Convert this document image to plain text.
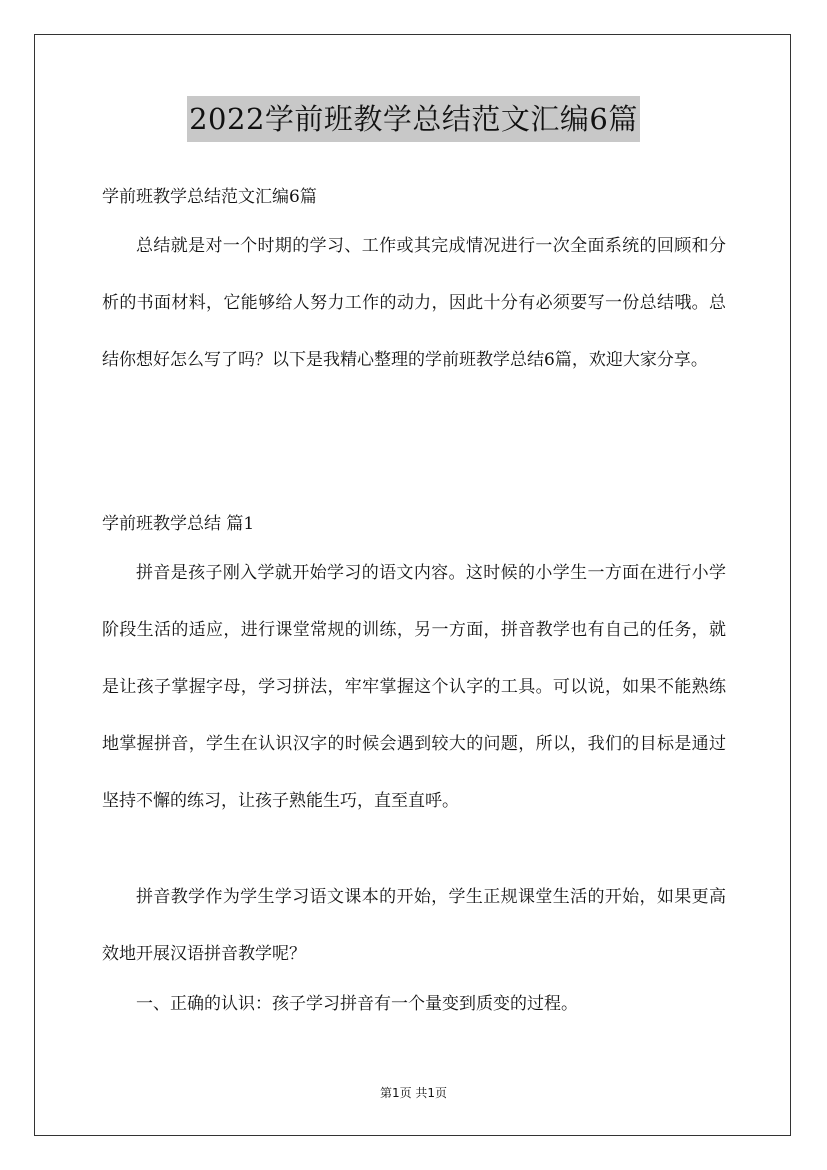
2022学前班教学总结范文汇编6篇
学前班教学总结范文汇编6篇

总结就是对一个时期的学习、工作或其完成情况进行一次全面系统的回顾和分析的书面材料，它能够给人努力工作的动力，因此十分有必须要写一份总结哦。总结你想好怎么写了吗？以下是我精心整理的学前班教学总结6篇，欢迎大家分享。

学前班教学总结 篇1

拼音是孩子刚入学就开始学习的语文内容。这时候的小学生一方面在进行小学阶段生活的适应，进行课堂常规的训练，另一方面，拼音教学也有自己的任务，就是让孩子掌握字母，学习拼法，牢牢掌握这个认字的工具。可以说，如果不能熟练地掌握拼音，学生在认识汉字的时候会遇到较大的问题，所以，我们的目标是通过坚持不懈的练习，让孩子熟能生巧，直至直呼。

拼音教学作为学生学习语文课本的开始，学生正规课堂生活的开始，如果更高效地开展汉语拼音教学呢？

一、正确的认识：孩子学习拼音有一个量变到质变的过程。

第1页 共1页
